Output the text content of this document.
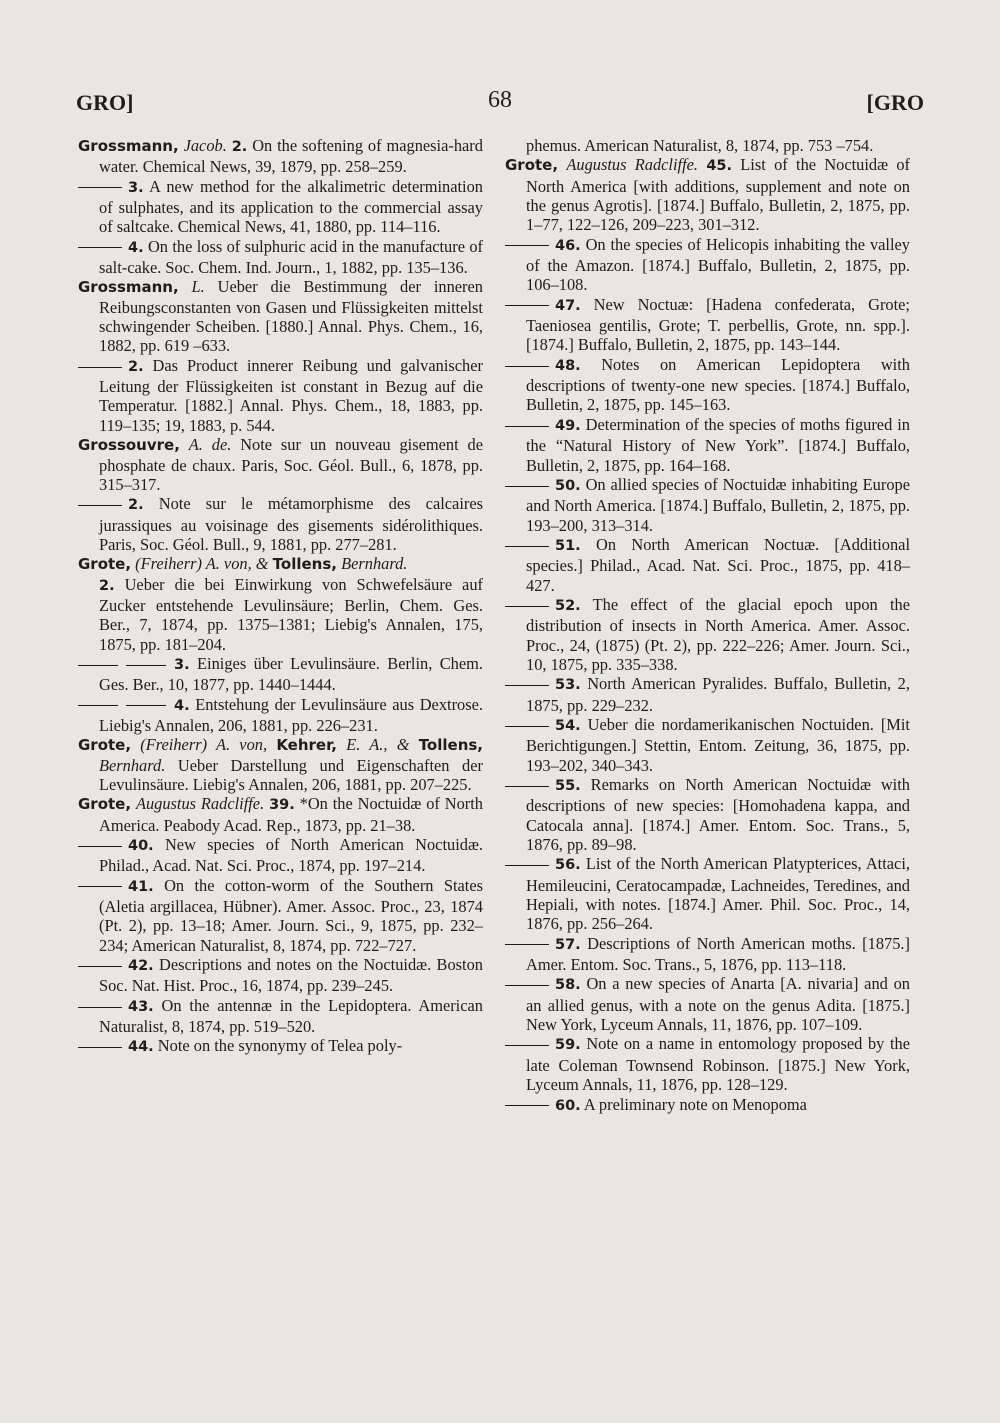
GRO]	68	[GRO

Grossmann, Jacob. 2. On the softening of magnesia-hard water. Chemical News, 39, 1879, pp. 258–259.

3. A new method for the alkalimetric determination of sulphates, and its application to the commercial assay of saltcake. Chemical News, 41, 1880, pp. 114–116.

4. On the loss of sulphuric acid in the manufacture of salt-cake. Soc. Chem. Ind. Journ., 1, 1882, pp. 135–136.

Grossmann, L. Ueber die Bestimmung der inneren Reibungsconstanten von Gasen und Flüssigkeiten mittelst schwingender Scheiben. [1880.] Annal. Phys. Chem., 16, 1882, pp. 619 –633.

2. Das Product innerer Reibung und galvanischer Leitung der Flüssigkeiten ist constant in Bezug auf die Temperatur. [1882.] Annal. Phys. Chem., 18, 1883, pp. 119–135; 19, 1883, p. 544.

Grossouvre, A. de. Note sur un nouveau gisement de phosphate de chaux. Paris, Soc. Géol. Bull., 6, 1878, pp. 315–317.

2. Note sur le métamorphisme des calcaires jurassiques au voisinage des gisements sidérolithiques. Paris, Soc. Géol. Bull., 9, 1881, pp. 277–281.

Grote, (Freiherr) A. von, & Tollens, Bernhard.

2. Ueber die bei Einwirkung von Schwefelsäure auf Zucker entstehende Levulinsäure; Berlin, Chem. Ges. Ber., 7, 1874, pp. 1375–1381; Liebig's Annalen, 175, 1875, pp. 181–204.

3. Einiges über Levulinsäure. Berlin, Chem. Ges. Ber., 10, 1877, pp. 1440–1444.

4. Entstehung der Levulinsäure aus Dextrose. Liebig's Annalen, 206, 1881, pp. 226–231.

Grote, (Freiherr) A. von, Kehrer, E. A., & Tollens, Bernhard. Ueber Darstellung und Eigenschaften der Levulinsäure. Liebig's Annalen, 206, 1881, pp. 207–225.

Grote, Augustus Radcliffe. 39. *On the Noctuidæ of North America. Peabody Acad. Rep., 1873, pp. 21–38.

40. New species of North American Noctuidæ. Philad., Acad. Nat. Sci. Proc., 1874, pp. 197–214.

41. On the cotton-worm of the Southern States (Aletia argillacea, Hübner). Amer. Assoc. Proc., 23, 1874 (Pt. 2), pp. 13–18; Amer. Journ. Sci., 9, 1875, pp. 232–234; American Naturalist, 8, 1874, pp. 722–727.

42. Descriptions and notes on the Noctuidæ. Boston Soc. Nat. Hist. Proc., 16, 1874, pp. 239–245.

43. On the antennæ in the Lepidoptera. American Naturalist, 8, 1874, pp. 519–520.

44. Note on the synonymy of Telea poly-

phemus. American Naturalist, 8, 1874, pp. 753 –754.

Grote, Augustus Radcliffe. 45. List of the Noctuidæ of North America [with additions, supplement and note on the genus Agrotis]. [1874.] Buffalo, Bulletin, 2, 1875, pp. 1–77, 122–126, 209–223, 301–312.

46. On the species of Helicopis inhabiting the valley of the Amazon. [1874.] Buffalo, Bulletin, 2, 1875, pp. 106–108.

47. New Noctuæ: [Hadena confederata, Grote; Taeniosea gentilis, Grote; T. perbellis, Grote, nn. spp.]. [1874.] Buffalo, Bulletin, 2, 1875, pp. 143–144.

48. Notes on American Lepidoptera with descriptions of twenty-one new species. [1874.] Buffalo, Bulletin, 2, 1875, pp. 145–163.

49. Determination of the species of moths figured in the “Natural History of New York”. [1874.] Buffalo, Bulletin, 2, 1875, pp. 164–168.

50. On allied species of Noctuidæ inhabiting Europe and North America. [1874.] Buffalo, Bulletin, 2, 1875, pp. 193–200, 313–314.

51. On North American Noctuæ. [Additional species.] Philad., Acad. Nat. Sci. Proc., 1875, pp. 418–427.

52. The effect of the glacial epoch upon the distribution of insects in North America. Amer. Assoc. Proc., 24, (1875) (Pt. 2), pp. 222–226; Amer. Journ. Sci., 10, 1875, pp. 335–338.

53. North American Pyralides. Buffalo, Bulletin, 2, 1875, pp. 229–232.

54. Ueber die nordamerikanischen Noctuiden. [Mit Berichtigungen.] Stettin, Entom. Zeitung, 36, 1875, pp. 193–202, 340–343.

55. Remarks on North American Noctuidæ with descriptions of new species: [Homohadena kappa, and Catocala anna]. [1874.] Amer. Entom. Soc. Trans., 5, 1876, pp. 89–98.

56. List of the North American Platypterices, Attaci, Hemileucini, Ceratocampadæ, Lachneides, Teredines, and Hepiali, with notes. [1874.] Amer. Phil. Soc. Proc., 14, 1876, pp. 256–264.

57. Descriptions of North American moths. [1875.] Amer. Entom. Soc. Trans., 5, 1876, pp. 113–118.

58. On a new species of Anarta [A. nivaria] and on an allied genus, with a note on the genus Adita. [1875.] New York, Lyceum Annals, 11, 1876, pp. 107–109.

59. Note on a name in entomology proposed by the late Coleman Townsend Robinson. [1875.] New York, Lyceum Annals, 11, 1876, pp. 128–129.

60. A preliminary note on Menopoma
